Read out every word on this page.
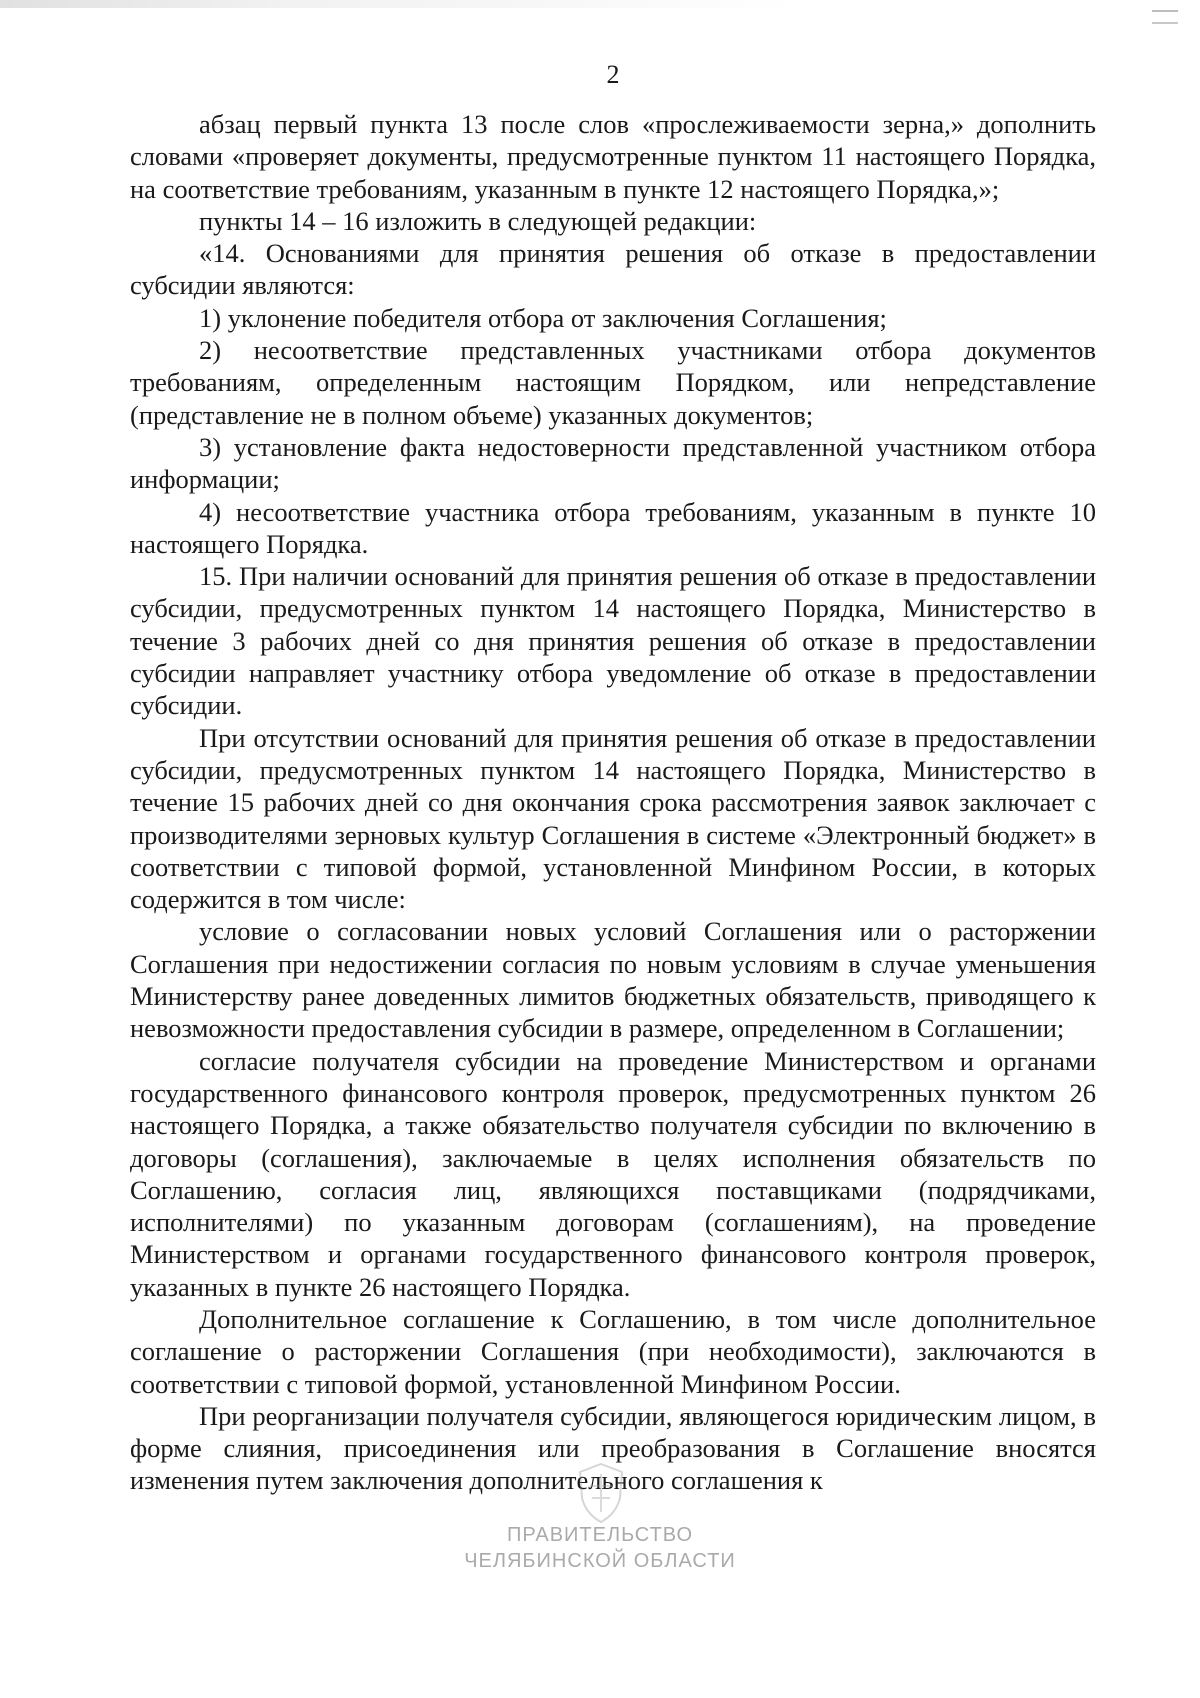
2

абзац первый пункта 13 после слов «прослеживаемости зерна,» дополнить словами «проверяет документы, предусмотренные пунктом 11 настоящего Порядка, на соответствие требованиям, указанным в пункте 12 настоящего Порядка,»;

пункты 14 – 16 изложить в следующей редакции:

«14. Основаниями для принятия решения об отказе в предоставлении субсидии являются:

1) уклонение победителя отбора от заключения Соглашения;

2) несоответствие представленных участниками отбора документов требованиям, определенным настоящим Порядком, или непредставление (представление не в полном объеме) указанных документов;

3) установление факта недостоверности представленной участником отбора информации;

4) несоответствие участника отбора требованиям, указанным в пункте 10 настоящего Порядка.

15. При наличии оснований для принятия решения об отказе в предоставлении субсидии, предусмотренных пунктом 14 настоящего Порядка, Министерство в течение 3 рабочих дней со дня принятия решения об отказе в предоставлении субсидии направляет участнику отбора уведомление об отказе в предоставлении субсидии.

При отсутствии оснований для принятия решения об отказе в предоставлении субсидии, предусмотренных пунктом 14 настоящего Порядка, Министерство в течение 15 рабочих дней со дня окончания срока рассмотрения заявок заключает с производителями зерновых культур Соглашения в системе «Электронный бюджет» в соответствии с типовой формой, установленной Минфином России, в которых содержится в том числе:

условие о согласовании новых условий Соглашения или о расторжении Соглашения при недостижении согласия по новым условиям в случае уменьшения Министерству ранее доведенных лимитов бюджетных обязательств, приводящего к невозможности предоставления субсидии в размере, определенном в Соглашении;

согласие получателя субсидии на проведение Министерством и органами государственного финансового контроля проверок, предусмотренных пунктом 26 настоящего Порядка, а также обязательство получателя субсидии по включению в договоры (соглашения), заключаемые в целях исполнения обязательств по Соглашению, согласия лиц, являющихся поставщиками (подрядчиками, исполнителями) по указанным договорам (соглашениям), на проведение Министерством и органами государственного финансового контроля проверок, указанных в пункте 26 настоящего Порядка.

Дополнительное соглашение к Соглашению, в том числе дополнительное соглашение о расторжении Соглашения (при необходимости), заключаются в соответствии с типовой формой, установленной Минфином России.

При реорганизации получателя субсидии, являющегося юридическим лицом, в форме слияния, присоединения или преобразования в Соглашение вносятся изменения путем заключения дополнительного соглашения к

ПРАВИТЕЛЬСТВО
ЧЕЛЯБИНСКОЙ ОБЛАСТИ
